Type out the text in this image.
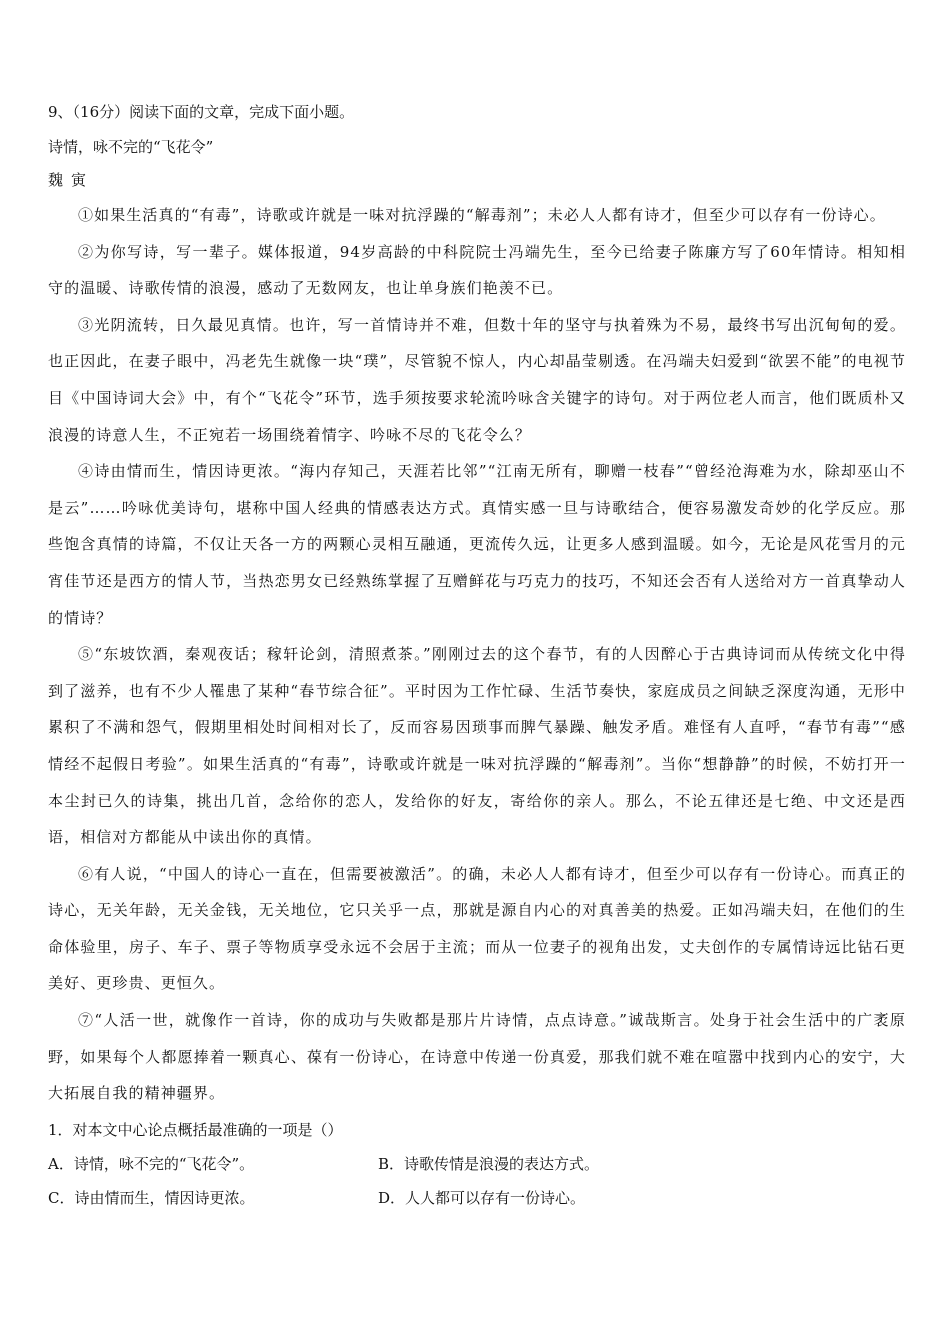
9、（16分）阅读下面的文章，完成下面小题。

诗情，咏不完的“飞花令”

魏寅

①如果生活真的“有毒”，诗歌或许就是一味对抗浮躁的“解毒剂”；未必人人都有诗才，但至少可以存有一份诗心。

②为你写诗，写一辈子。媒体报道，94岁高龄的中科院院士冯端先生，至今已给妻子陈廉方写了60年情诗。相知相守的温暖、诗歌传情的浪漫，感动了无数网友，也让单身族们艳羡不已。

③光阴流转，日久最见真情。也许，写一首情诗并不难，但数十年的坚守与执着殊为不易，最终书写出沉甸甸的爱。也正因此，在妻子眼中，冯老先生就像一块“璞”，尽管貌不惊人，内心却晶莹剔透。在冯端夫妇爱到“欲罢不能”的电视节目《中国诗词大会》中，有个“飞花令”环节，选手须按要求轮流吟咏含关键字的诗句。对于两位老人而言，他们既质朴又浪漫的诗意人生，不正宛若一场围绕着情字、吟咏不尽的飞花令么？

④诗由情而生，情因诗更浓。“海内存知己，天涯若比邻”“江南无所有，聊赠一枝春”“曾经沧海难为水，除却巫山不是云”……吟咏优美诗句，堪称中国人经典的情感表达方式。真情实感一旦与诗歌结合，便容易激发奇妙的化学反应。那些饱含真情的诗篇，不仅让天各一方的两颗心灵相互融通，更流传久远，让更多人感到温暖。如今，无论是风花雪月的元宵佳节还是西方的情人节，当热恋男女已经熟练掌握了互赠鲜花与巧克力的技巧，不知还会否有人送给对方一首真挚动人的情诗？

⑤“东坡饮酒，秦观夜话；稼轩论剑，清照煮茶。”刚刚过去的这个春节，有的人因醉心于古典诗词而从传统文化中得到了滋养，也有不少人罹患了某种“春节综合征”。平时因为工作忙碌、生活节奏快，家庭成员之间缺乏深度沟通，无形中累积了不满和怨气，假期里相处时间相对长了，反而容易因琐事而脾气暴躁、触发矛盾。难怪有人直呼，“春节有毒”“感情经不起假日考验”。如果生活真的“有毒”，诗歌或许就是一味对抗浮躁的“解毒剂”。当你“想静静”的时候，不妨打开一本尘封已久的诗集，挑出几首，念给你的恋人，发给你的好友，寄给你的亲人。那么，不论五律还是七绝、中文还是西语，相信对方都能从中读出你的真情。

⑥有人说，“中国人的诗心一直在，但需要被激活”。的确，未必人人都有诗才，但至少可以存有一份诗心。而真正的诗心，无关年龄，无关金钱，无关地位，它只关乎一点，那就是源自内心的对真善美的热爱。正如冯端夫妇，在他们的生命体验里，房子、车子、票子等物质享受永远不会居于主流；而从一位妻子的视角出发，丈夫创作的专属情诗远比钻石更美好、更珍贵、更恒久。

⑦“人活一世，就像作一首诗，你的成功与失败都是那片片诗情，点点诗意。”诚哉斯言。处身于社会生活中的广袤原野，如果每个人都愿捧着一颗真心、葆有一份诗心，在诗意中传递一份真爱，那我们就不难在喧嚣中找到内心的安宁，大大拓展自我的精神疆界。

1．对本文中心论点概括最准确的一项是（）

A．诗情，咏不完的“飞花令”。	B．诗歌传情是浪漫的表达方式。
C．诗由情而生，情因诗更浓。	D．人人都可以存有一份诗心。
